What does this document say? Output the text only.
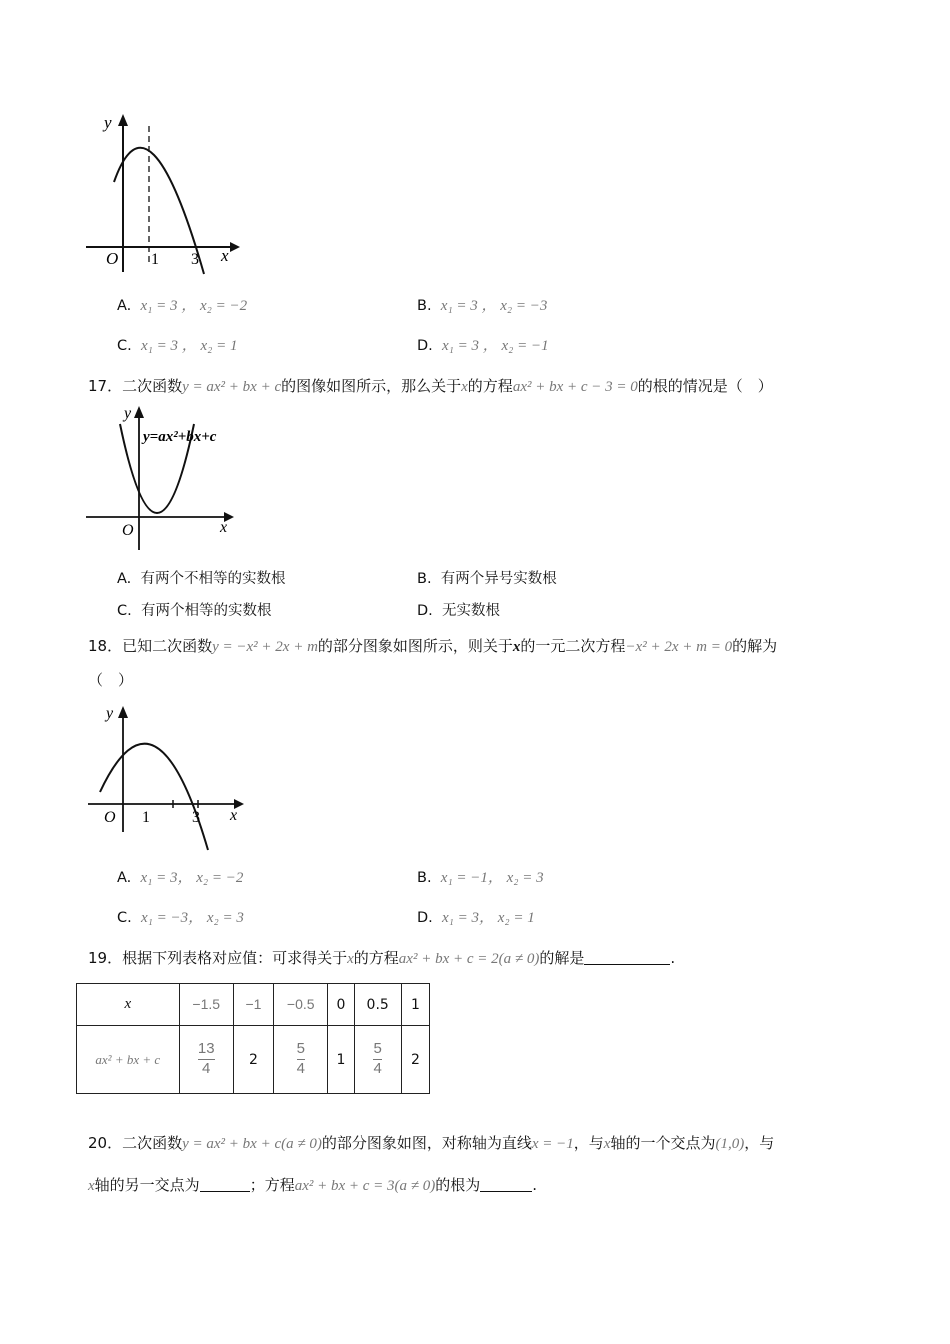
y
x
O 1 3
A. x₁ = 3 ， x₂ = −2	B. x₁ = 3 ， x₂ = −3
C. x₁ = 3 ， x₂ = 1	D. x₁ = 3 ， x₂ = −1
17．二次函数y = ax² + bx + c的图像如图所示，那么关于x的方程ax² + bx + c − 3 = 0的根的情况是（　）
y
x
O
y=ax²+bx+c
A. 有两个不相等的实数根	B. 有两个异号实数根
C. 有两个相等的实数根	D. 无实数根
18．已知二次函数y = −x² + 2x + m的部分图象如图所示，则关于x的一元二次方程−x² + 2x + m = 0的解为
（　）
y
x
O 1	3
A. x₁ = 3， x₂ = −2	B. x₁ = −1， x₂ = 3
C. x₁ = −3， x₂ = 3	D. x₁ = 3， x₂ = 1
19．根据下列表格对应值：可求得关于x的方程ax² + bx + c = 2(a ≠ 0)的解是	.
x	−1.5	−1	−0.5	0	0.5	1
ax² + bx + c	$\frac{13}{4}$	2	$\frac{5}{4}$	1	$\frac{5}{4}$	2
20．二次函数y = ax² + bx + c(a ≠ 0)的部分图象如图，对称轴为直线x = −1，与x轴的一个交点为(1,0)，与
x轴的另一交点为	；方程ax² + bx + c = 3(a ≠ 0)的根为	.
